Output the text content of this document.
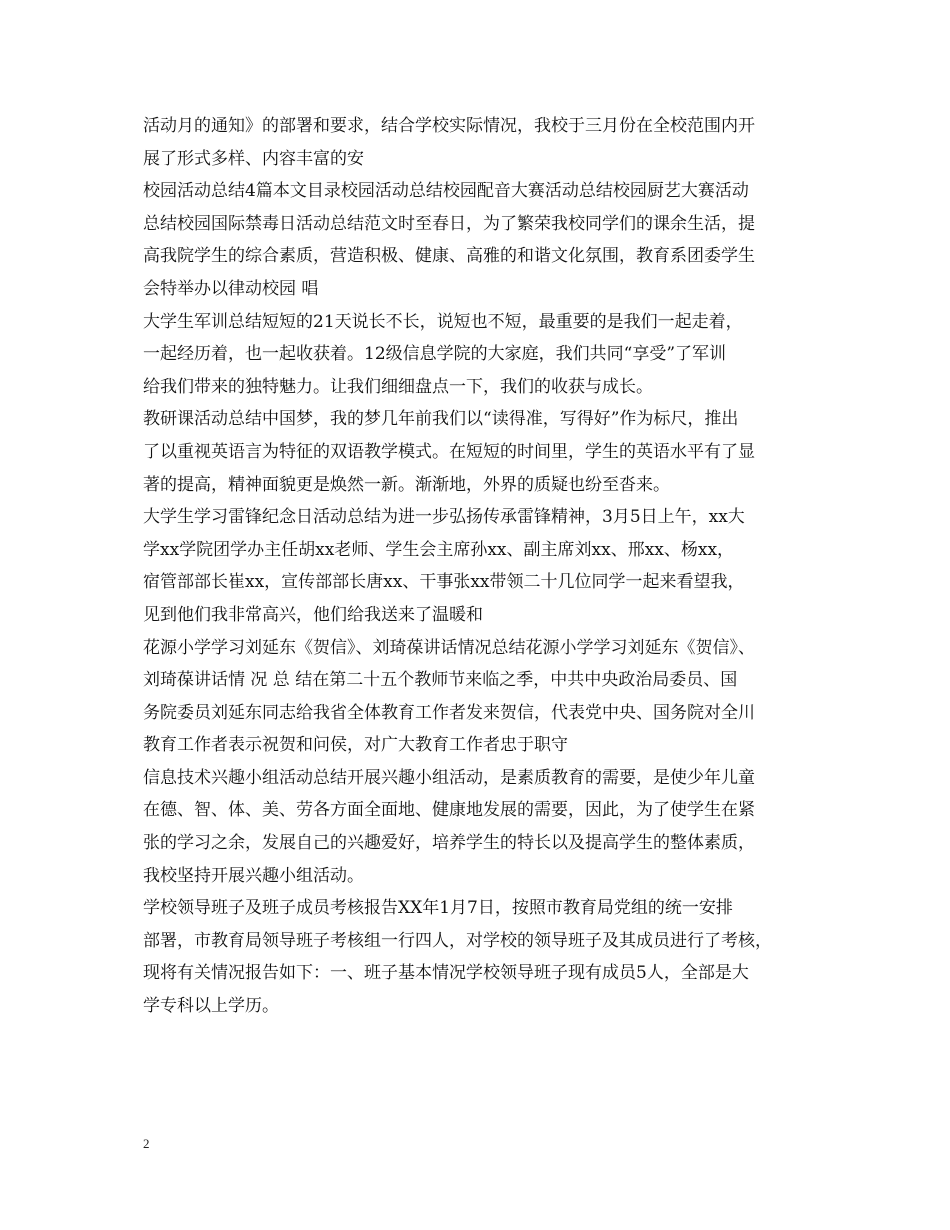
活动月的通知》的部署和要求，结合学校实际情况，我校于三月份在全校范围内开
展了形式多样、内容丰富的安
校园活动总结4篇本文目录校园活动总结校园配音大赛活动总结校园厨艺大赛活动
总结校园国际禁毒日活动总结范文时至春日，为了繁荣我校同学们的课余生活，提
高我院学生的综合素质，营造积极、健康、高雅的和谐文化氛围，教育系团委学生
会特举办以律动校园 唱
大学生军训总结短短的21天说长不长，说短也不短，最重要的是我们一起走着，
一起经历着，也一起收获着。12级信息学院的大家庭，我们共同“享受”了军训
给我们带来的独特魅力。让我们细细盘点一下，我们的收获与成长。
教研课活动总结中国梦，我的梦几年前我们以“读得准，写得好”作为标尺，推出
了以重视英语言为特征的双语教学模式。在短短的时间里，学生的英语水平有了显
著的提高，精神面貌更是焕然一新。渐渐地，外界的质疑也纷至沓来。
大学生学习雷锋纪念日活动总结为进一步弘扬传承雷锋精神，3月5日上午，xx大
学xx学院团学办主任胡xx老师、学生会主席孙xx、副主席刘xx、邢xx、杨xx，
宿管部部长崔xx，宣传部部长唐xx、干事张xx带领二十几位同学一起来看望我，
见到他们我非常高兴，他们给我送来了温暖和
花源小学学习刘延东《贺信》、刘琦葆讲话情况总结花源小学学习刘延东《贺信》、
刘琦葆讲话情 况 总 结在第二十五个教师节来临之季，中共中央政治局委员、国
务院委员刘延东同志给我省全体教育工作者发来贺信，代表党中央、国务院对全川
教育工作者表示祝贺和问侯，对广大教育工作者忠于职守
信息技术兴趣小组活动总结开展兴趣小组活动，是素质教育的需要，是使少年儿童
在德、智、体、美、劳各方面全面地、健康地发展的需要，因此，为了使学生在紧
张的学习之余，发展自己的兴趣爱好，培养学生的特长以及提高学生的整体素质，
我校坚持开展兴趣小组活动。
学校领导班子及班子成员考核报告XX年1月7日，按照市教育局党组的统一安排
部署，市教育局领导班子考核组一行四人，对学校的领导班子及其成员进行了考核，
现将有关情况报告如下：一、班子基本情况学校领导班子现有成员5人，全部是大
学专科以上学历。
2
